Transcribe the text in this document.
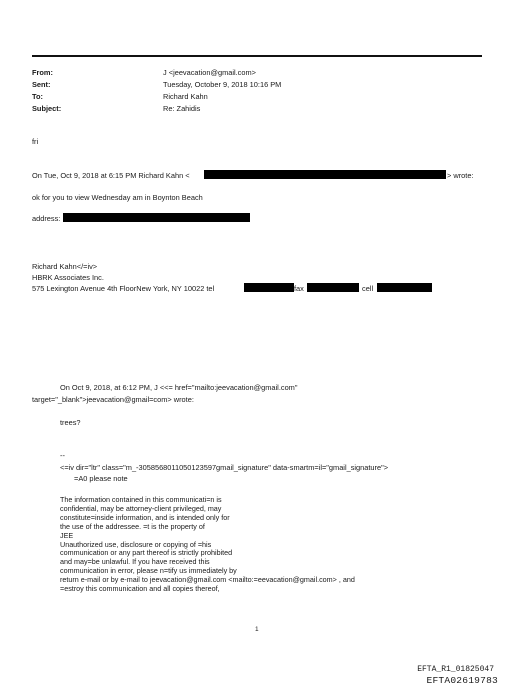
From:	J <jeevacation@gmail.com>
Sent:	Tuesday, October 9, 2018 10:16 PM
To:	Richard Kahn
Subject:	Re: Zahidis
fri
On Tue, Oct 9, 2018 at 6:15 PM Richard Kahn <	> wrote:
ok for you to view Wednesday am in Boynton Beach
address:
Richard Kahn</=iv>
HBRK Associates Inc.
575 Lexington Avenue 4th FloorNew York, NY 10022 tel	fax	cell
On Oct 9, 2018, at 6:12 PM, J <<= href="mailto:jeevacation@gmail.com"
target="_blank">jeevacation@gmail=com> wrote:
trees?
--
<=iv dir="ltr" class="m_-3058568011050123597gmail_signature" data-smartm=il="gmail_signature">
=A0 please note
The information contained in this communicati=n is
confidential, may be attorney-client privileged, may
constitute=inside information, and is intended only for
the use of the addressee. =t is the property of
JEE
Unauthorized use, disclosure or copying of =his
communication or any part thereof is strictly prohibited
and may=be unlawful. If you have received this
communication in error, please n=tify us immediately by
return e-mail or by e-mail to jeevacation@gmail.com <mailto:=eevacation@gmail.com> , and
=estroy this communication and all copies thereof,
1
EFTA_R1_01825047
EFTA02619783
